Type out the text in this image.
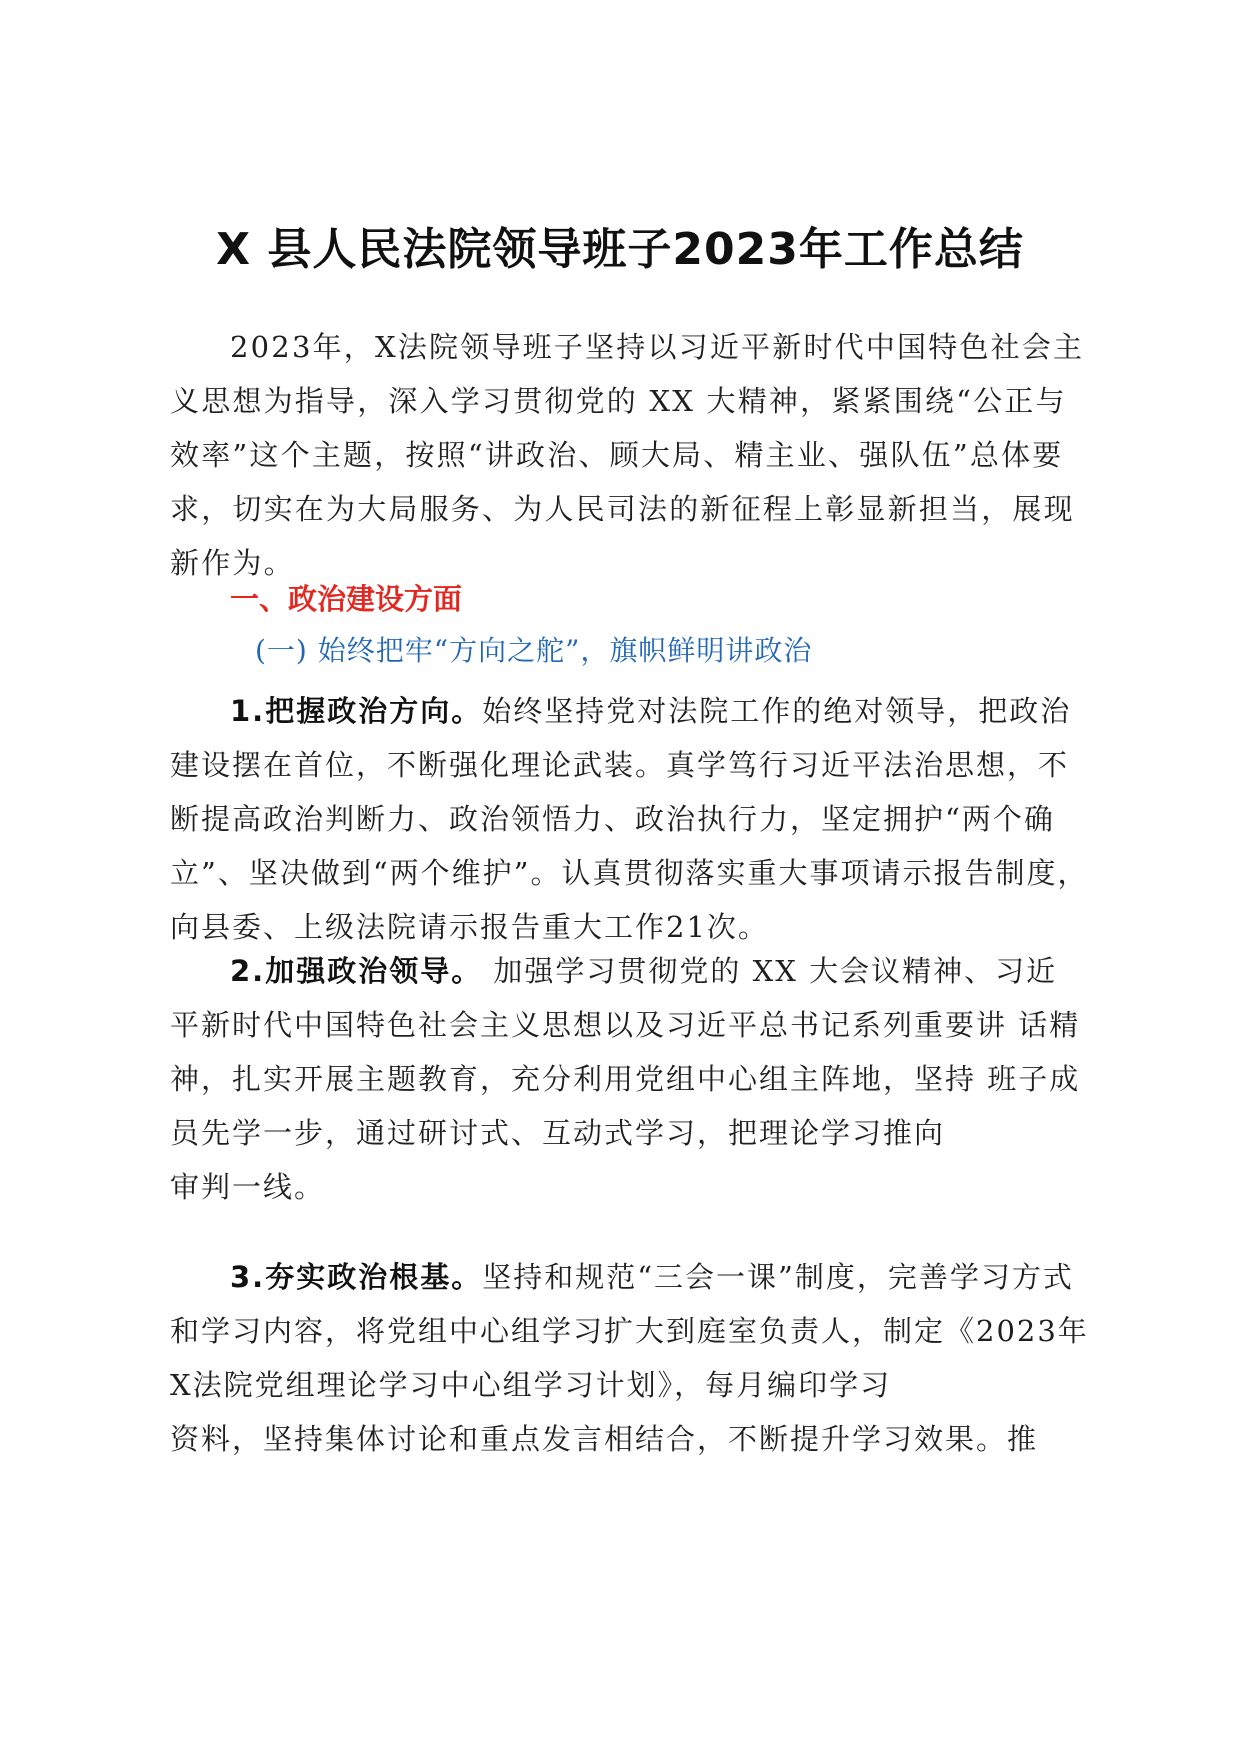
X 县人民法院领导班子2023年工作总结
2023年，X法院领导班子坚持以习近平新时代中国特色社会主义思想为指导，深入学习贯彻党的 XX 大精神，紧紧围绕“公正与效率”这个主题，按照“讲政治、顾大局、精主业、强队伍”总体要求，切实在为大局服务、为人民司法的新征程上彰显新担当，展现新作为。
一、政治建设方面
(一) 始终把牢“方向之舵”，旗帜鲜明讲政治
1.把握政治方向。始终坚持党对法院工作的绝对领导，把政治建设摆在首位，不断强化理论武装。真学笃行习近平法治思想，不断提高政治判断力、政治领悟力、政治执行力，坚定拥护“两个确立”、坚决做到“两个维护”。认真贯彻落实重大事项请示报告制度，向县委、上级法院请示报告重大工作21次。
2.加强政治领导。 加强学习贯彻党的 XX 大会议精神、习近 平新时代中国特色社会主义思想以及习近平总书记系列重要讲 话精神，扎实开展主题教育，充分利用党组中心组主阵地，坚持 班子成员先学一步，通过研讨式、互动式学习，把理论学习推向
审判一线。
3.夯实政治根基。坚持和规范“三会一课”制度，完善学习方式和学习内容，将党组中心组学习扩大到庭室负责人，制定《2023年 X法院党组理论学习中心组学习计划》，每月编印学习
资料，坚持集体讨论和重点发言相结合，不断提升学习效果。推
